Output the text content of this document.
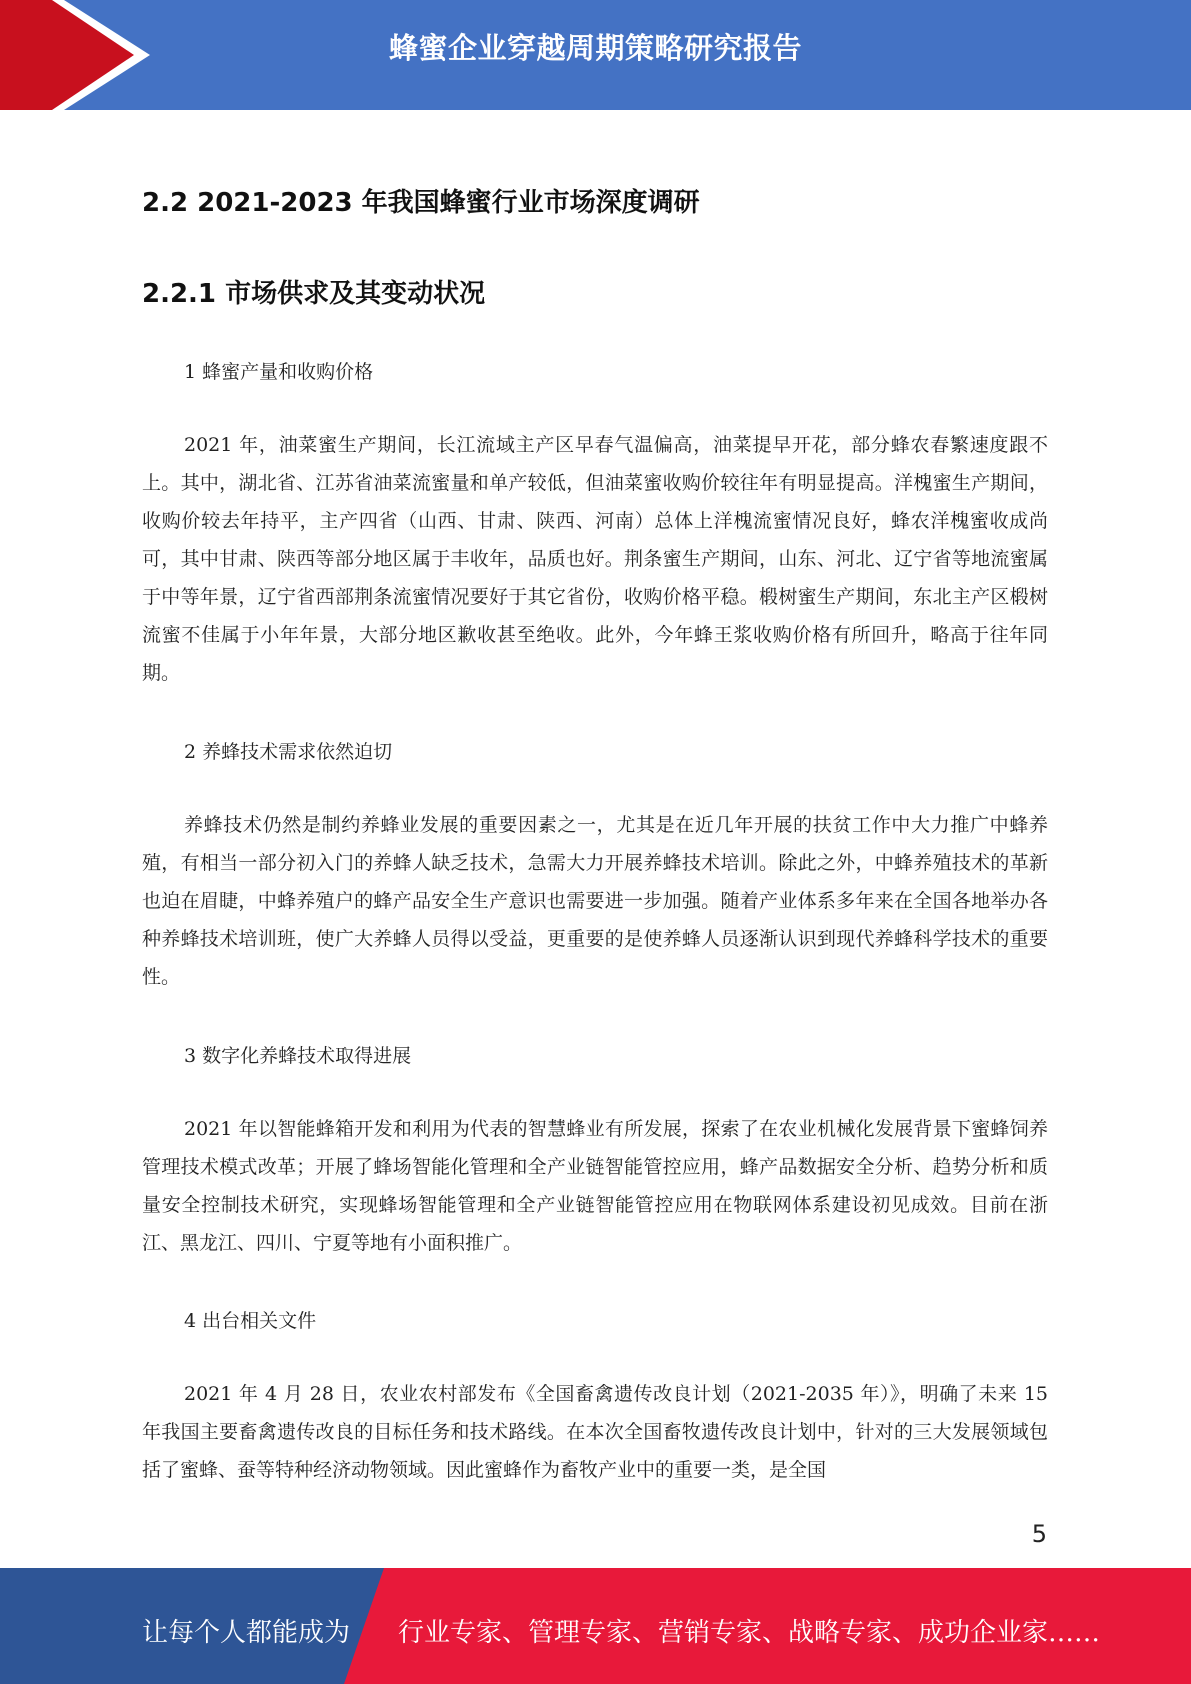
蜂蜜企业穿越周期策略研究报告
2.2 2021-2023 年我国蜂蜜行业市场深度调研
2.2.1 市场供求及其变动状况
1 蜂蜜产量和收购价格

2021 年，油菜蜜生产期间，长江流域主产区早春气温偏高，油菜提早开花，部分蜂农春繁速度跟不上。其中，湖北省、江苏省油菜流蜜量和单产较低，但油菜蜜收购价较往年有明显提高。洋槐蜜生产期间，收购价较去年持平，主产四省（山西、甘肃、陕西、河南）总体上洋槐流蜜情况良好，蜂农洋槐蜜收成尚可，其中甘肃、陕西等部分地区属于丰收年，品质也好。荆条蜜生产期间，山东、河北、辽宁省等地流蜜属于中等年景，辽宁省西部荆条流蜜情况要好于其它省份，收购价格平稳。椴树蜜生产期间，东北主产区椴树流蜜不佳属于小年年景，大部分地区歉收甚至绝收。此外，今年蜂王浆收购价格有所回升，略高于往年同期。

2 养蜂技术需求依然迫切

养蜂技术仍然是制约养蜂业发展的重要因素之一，尤其是在近几年开展的扶贫工作中大力推广中蜂养殖，有相当一部分初入门的养蜂人缺乏技术，急需大力开展养蜂技术培训。除此之外，中蜂养殖技术的革新也迫在眉睫，中蜂养殖户的蜂产品安全生产意识也需要进一步加强。随着产业体系多年来在全国各地举办各种养蜂技术培训班，使广大养蜂人员得以受益，更重要的是使养蜂人员逐渐认识到现代养蜂科学技术的重要性。

3 数字化养蜂技术取得进展

2021 年以智能蜂箱开发和利用为代表的智慧蜂业有所发展，探索了在农业机械化发展背景下蜜蜂饲养管理技术模式改革；开展了蜂场智能化管理和全产业链智能管控应用，蜂产品数据安全分析、趋势分析和质量安全控制技术研究，实现蜂场智能管理和全产业链智能管控应用在物联网体系建设初见成效。目前在浙江、黑龙江、四川、宁夏等地有小面积推广。

4 出台相关文件

2021 年 4 月 28 日，农业农村部发布《全国畜禽遗传改良计划（2021-2035 年）》，明确了未来 15 年我国主要畜禽遗传改良的目标任务和技术路线。在本次全国畜牧遗传改良计划中，针对的三大发展领域包括了蜜蜂、蚕等特种经济动物领域。因此蜜蜂作为畜牧产业中的重要一类，是全国

5
让每个人都能成为 行业专家、管理专家、营销专家、战略专家、成功企业家……
